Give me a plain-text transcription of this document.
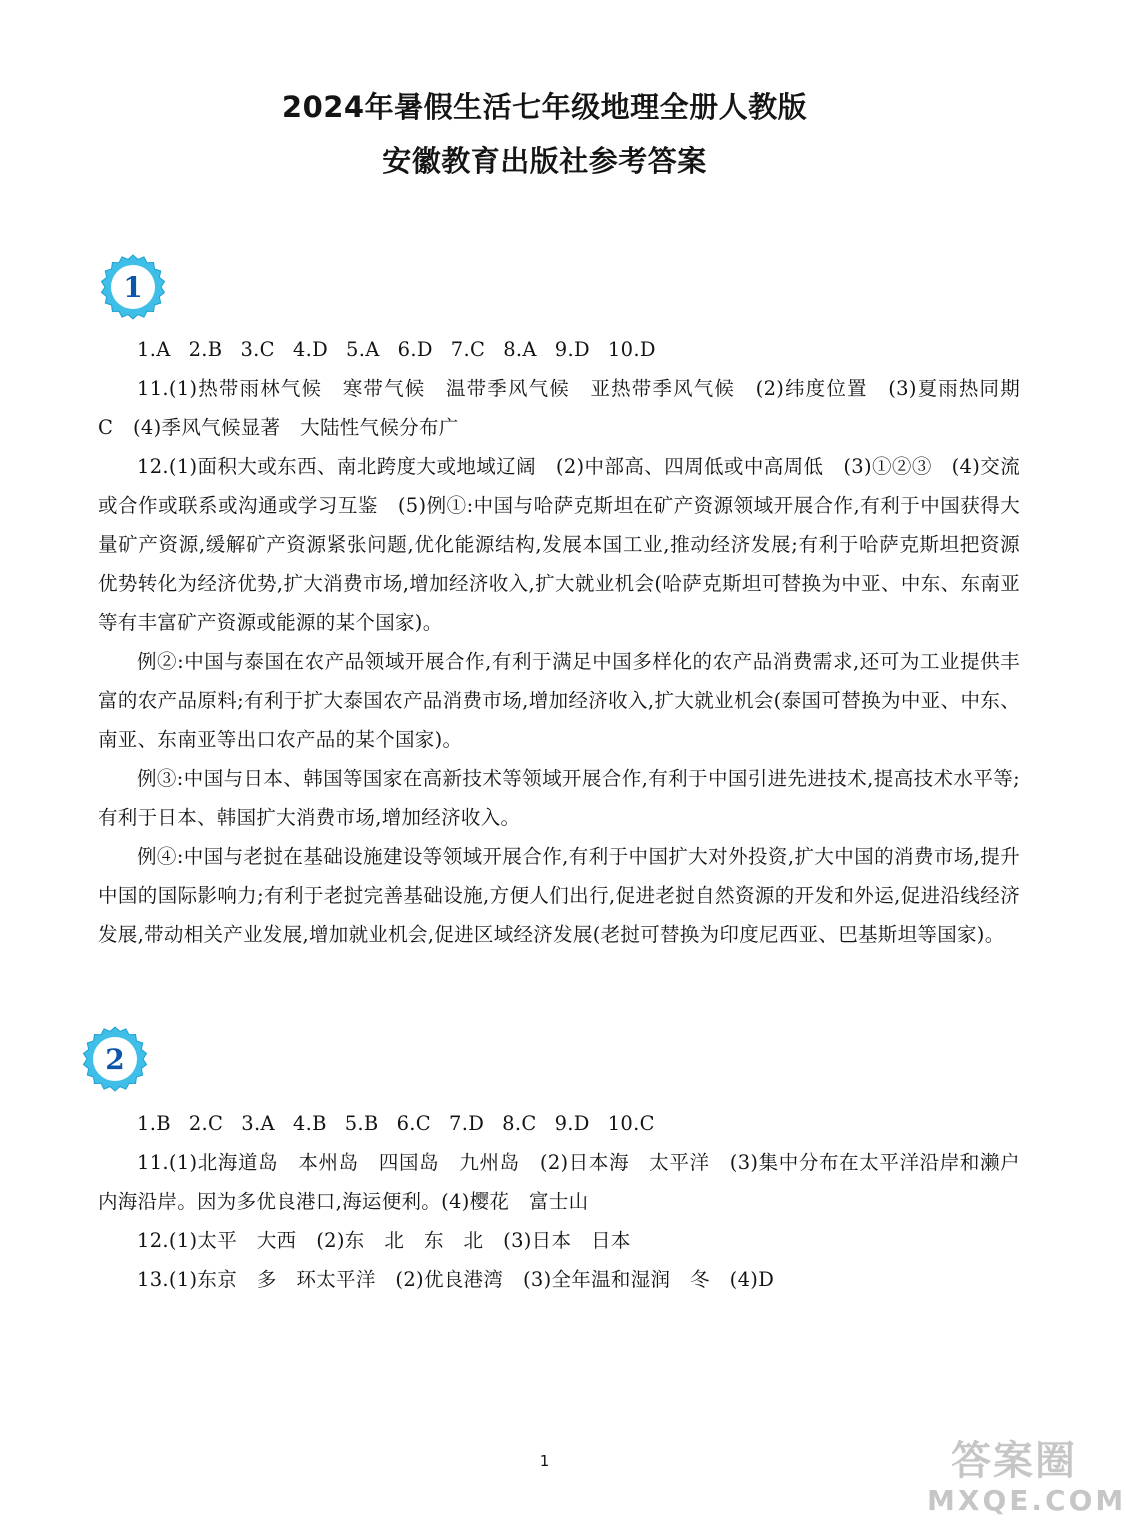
2024年暑假生活七年级地理全册人教版
安徽教育出版社参考答案
1

1.A 2.B 3.C 4.D 5.A 6.D 7.C 8.A 9.D 10.D

11.(1)热带雨林气候　寒带气候　温带季风气候　亚热带季风气候　(2)纬度位置　(3)夏雨热同期　C　(4)季风气候显著　大陆性气候分布广

12.(1)面积大或东西、南北跨度大或地域辽阔　(2)中部高、四周低或中高周低　(3)①②③　(4)交流或合作或联系或沟通或学习互鉴　(5)例①:中国与哈萨克斯坦在矿产资源领域开展合作,有利于中国获得大量矿产资源,缓解矿产资源紧张问题,优化能源结构,发展本国工业,推动经济发展;有利于哈萨克斯坦把资源优势转化为经济优势,扩大消费市场,增加经济收入,扩大就业机会(哈萨克斯坦可替换为中亚、中东、东南亚等有丰富矿产资源或能源的某个国家)。

例②:中国与泰国在农产品领域开展合作,有利于满足中国多样化的农产品消费需求,还可为工业提供丰富的农产品原料;有利于扩大泰国农产品消费市场,增加经济收入,扩大就业机会(泰国可替换为中亚、中东、南亚、东南亚等出口农产品的某个国家)。

例③:中国与日本、韩国等国家在高新技术等领域开展合作,有利于中国引进先进技术,提高技术水平等;有利于日本、韩国扩大消费市场,增加经济收入。

例④:中国与老挝在基础设施建设等领域开展合作,有利于中国扩大对外投资,扩大中国的消费市场,提升中国的国际影响力;有利于老挝完善基础设施,方便人们出行,促进老挝自然资源的开发和外运,促进沿线经济发展,带动相关产业发展,增加就业机会,促进区域经济发展(老挝可替换为印度尼西亚、巴基斯坦等国家)。

2

1.B 2.C 3.A 4.B 5.B 6.C 7.D 8.C 9.D 10.C

11.(1)北海道岛　本州岛　四国岛　九州岛　(2)日本海　太平洋　(3)集中分布在太平洋沿岸和濑户内海沿岸。因为多优良港口,海运便利。(4)樱花　富士山

12.(1)太平　大西　(2)东　北　东　北　(3)日本　日本

13.(1)东京　多　环太平洋　(2)优良港湾　(3)全年温和湿润　冬　(4)D

1	答案圈
MXQE.COM
